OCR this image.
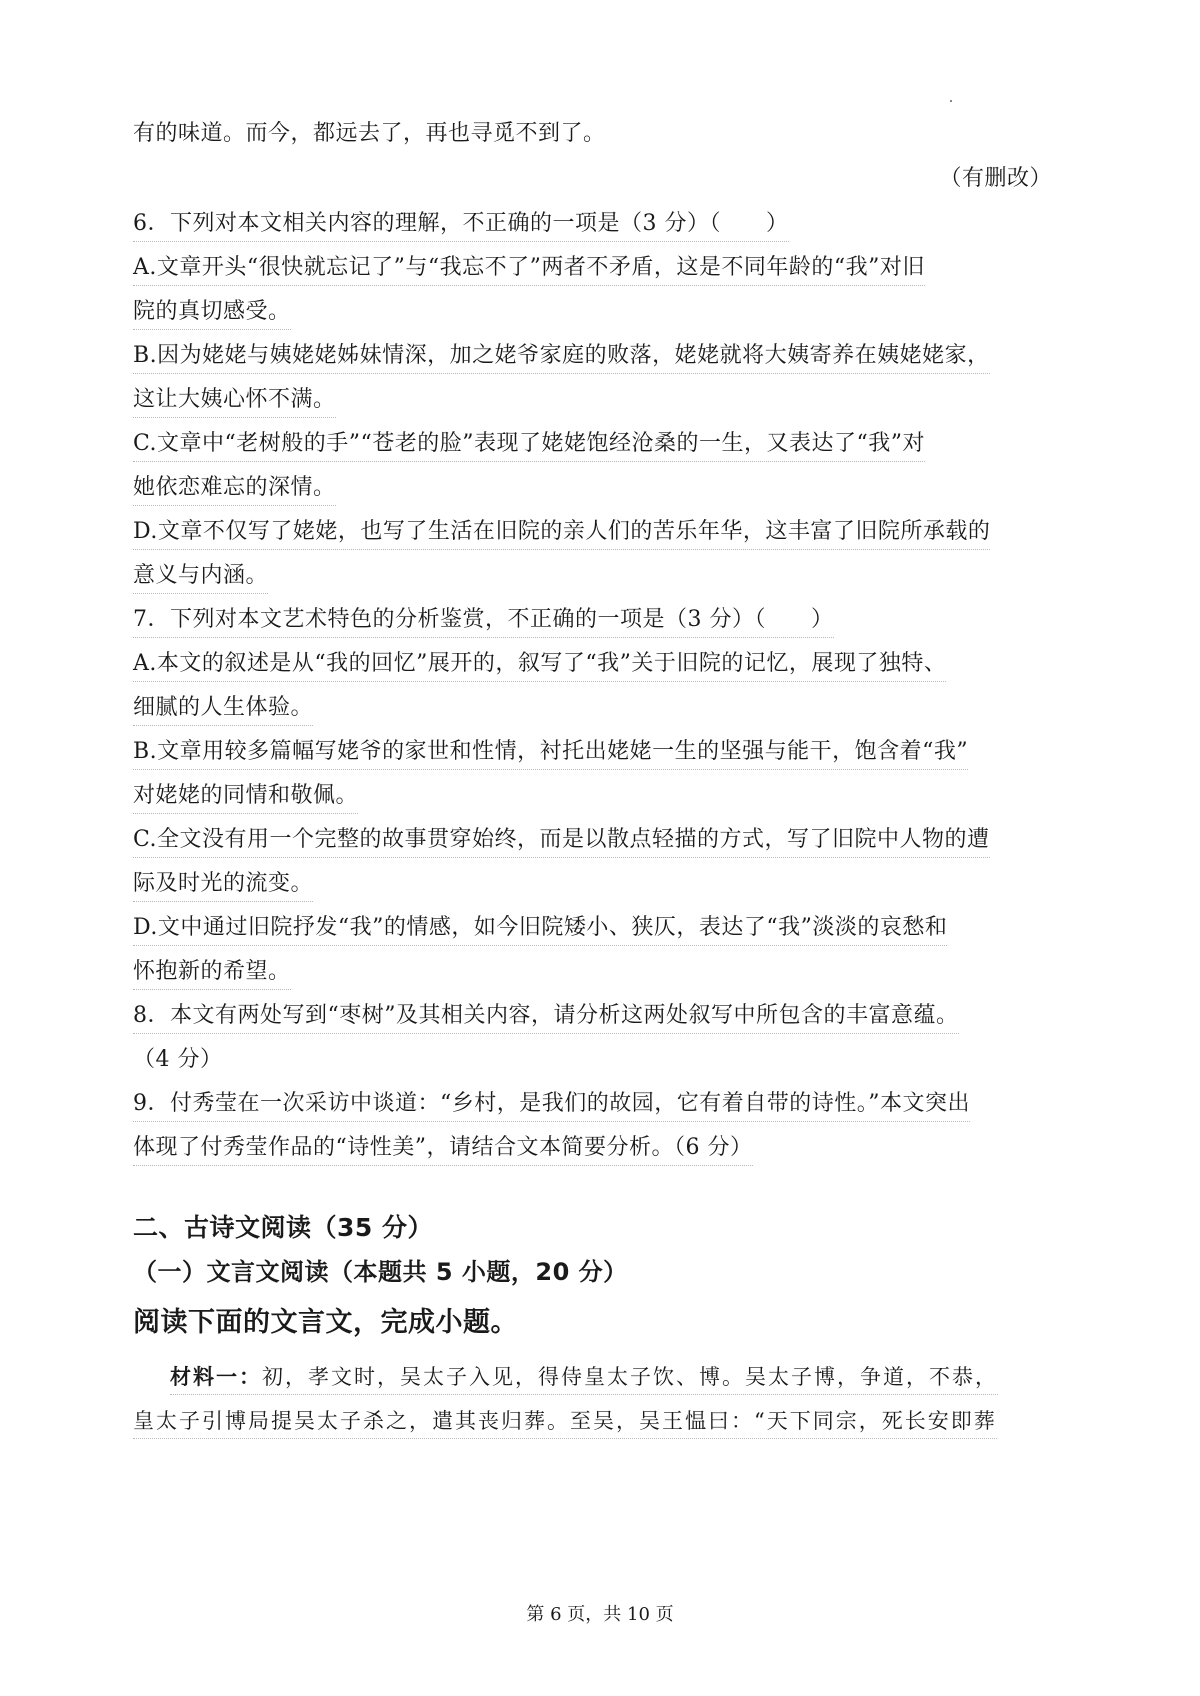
有的味道。而今，都远去了，再也寻觅不到了。
（有删改）
6．下列对本文相关内容的理解，不正确的一项是（3 分）（　　）
A.文章开头“很快就忘记了”与“我忘不了”两者不矛盾，这是不同年龄的“我”对旧
院的真切感受。
B.因为姥姥与姨姥姥姊妹情深，加之姥爷家庭的败落，姥姥就将大姨寄养在姨姥姥家，
这让大姨心怀不满。
C.文章中“老树般的手”“苍老的脸”表现了姥姥饱经沧桑的一生，又表达了“我”对
她依恋难忘的深情。
D.文章不仅写了姥姥，也写了生活在旧院的亲人们的苦乐年华，这丰富了旧院所承载的
意义与内涵。
7．下列对本文艺术特色的分析鉴赏，不正确的一项是（3 分）（　　）
A.本文的叙述是从“我的回忆”展开的，叙写了“我”关于旧院的记忆，展现了独特、
细腻的人生体验。
B.文章用较多篇幅写姥爷的家世和性情，衬托出姥姥一生的坚强与能干，饱含着“我”
对姥姥的同情和敬佩。
C.全文没有用一个完整的故事贯穿始终，而是以散点轻描的方式，写了旧院中人物的遭
际及时光的流变。
D.文中通过旧院抒发“我”的情感，如今旧院矮小、狭仄，表达了“我”淡淡的哀愁和
怀抱新的希望。
8．本文有两处写到“枣树”及其相关内容，请分析这两处叙写中所包含的丰富意蕴。
（4 分）
9．付秀莹在一次采访中谈道：“乡村，是我们的故园，它有着自带的诗性。”本文突出
体现了付秀莹作品的“诗性美”，请结合文本简要分析。（6 分）
二、古诗文阅读（35 分）
（一）文言文阅读（本题共 5 小题，20 分）
阅读下面的文言文，完成小题。
材料一：初，孝文时，吴太子入见，得侍皇太子饮、博。吴太子博，争道，不恭，
皇太子引博局提吴太子杀之，遣其丧归葬。至吴，吴王愠曰：“天下同宗，死长安即葬
第 6 页，共 10 页
